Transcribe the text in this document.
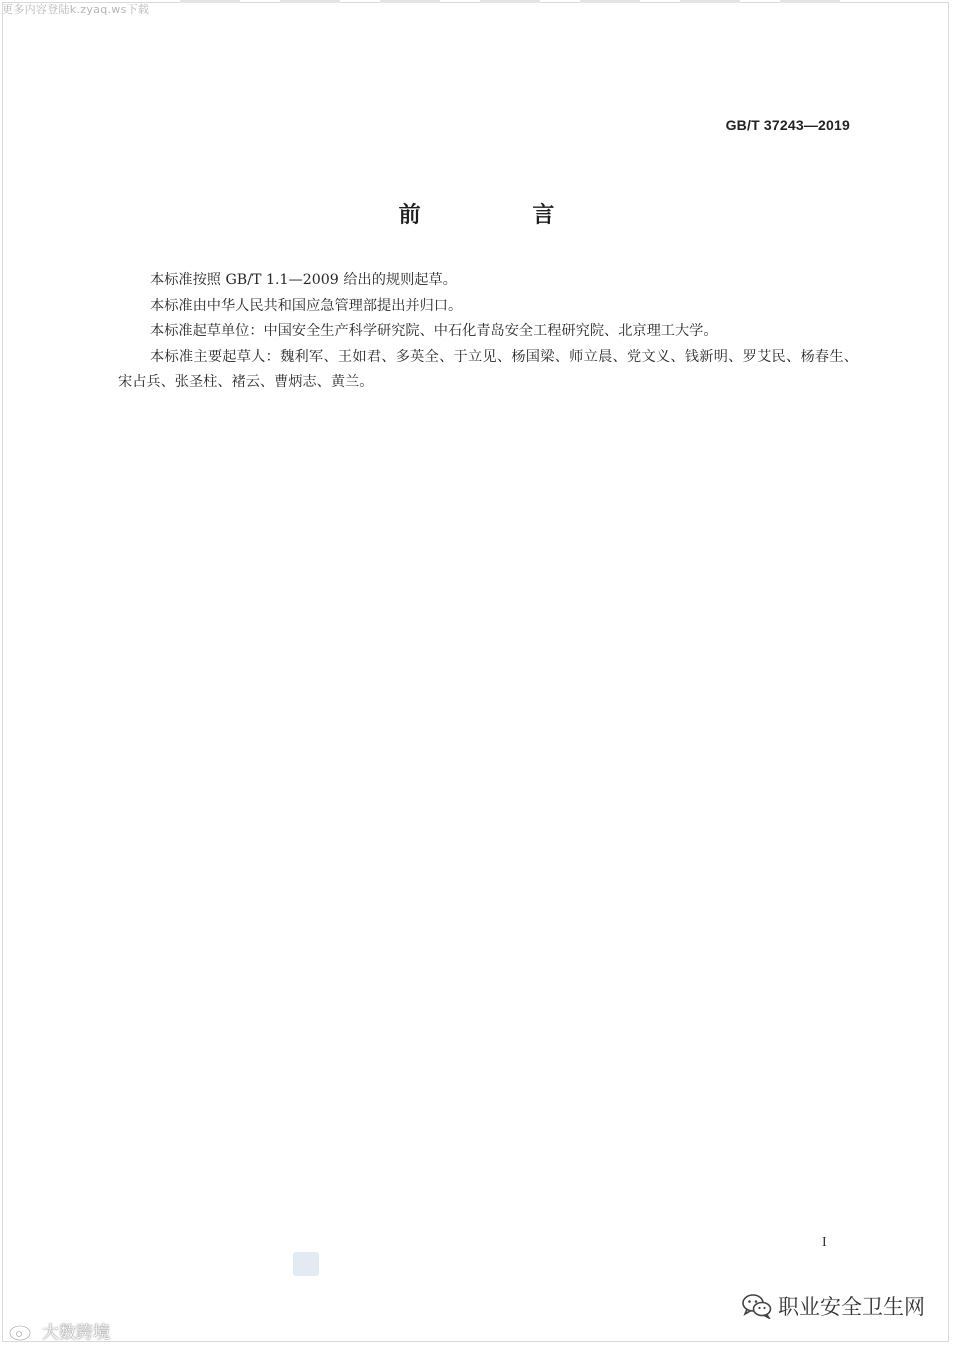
更多内容登陆k.zyaq.ws下载
GB/T 37243—2019
前 言

本标准按照 GB/T 1.1—2009 给出的规则起草。

本标准由中华人民共和国应急管理部提出并归口。

本标准起草单位：中国安全生产科学研究院、中石化青岛安全工程研究院、北京理工大学。

本标准主要起草人：魏利军、王如君、多英全、于立见、杨国梁、师立晨、党文义、钱新明、罗艾民、杨春生、宋占兵、张圣柱、褚云、曹炳志、黄兰。

I
大数跨境
职业安全卫生网
